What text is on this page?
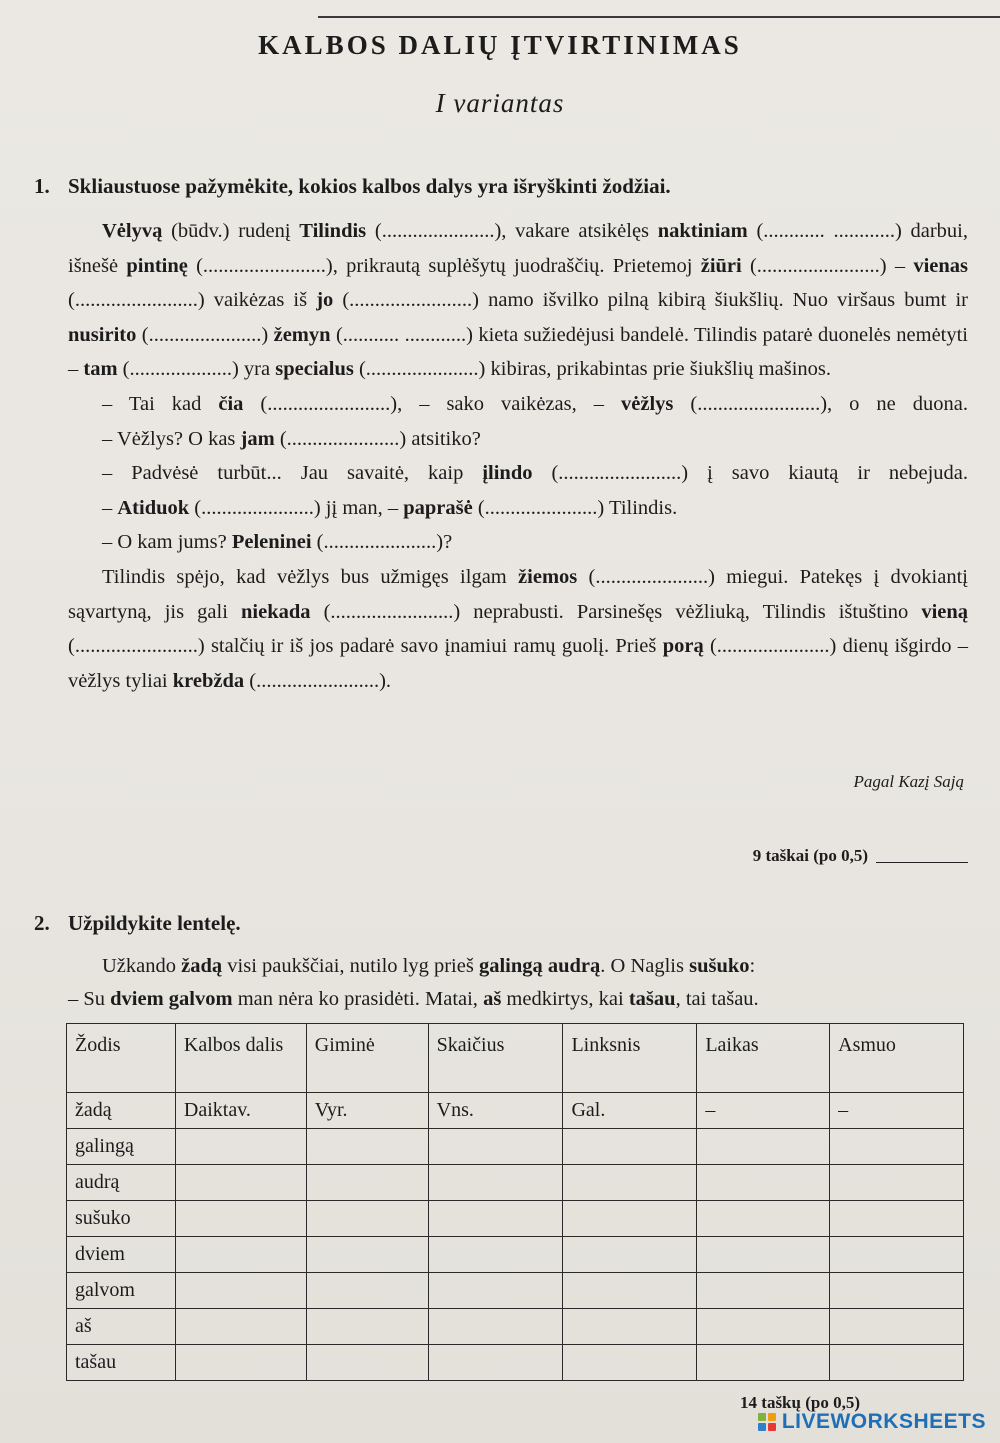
KALBOS DALIŲ ĮTVIRTINIMAS
I variantas
1. Skliaustuose pažymėkite, kokios kalbos dalys yra išryškinti žodžiai.

Vėlyvą (būdv.) rudenį Tilindis (......................), vakare atsikėlęs naktiniam (............ ............) darbui, išnešė pintinę (........................), prikrautą suplėšytų juodraščių. Prietemoj žiūri (........................) – vienas (........................) vaikėzas iš jo (........................) namo išvilko pilną kibirą šiukšlių. Nuo viršaus bumt ir nusirito (......................) žemyn (........... ............) kieta sužiedėjusi bandelė. Tilindis patarė duonelės nemėtyti – tam (....................) yra specialus (......................) kibiras, prikabintas prie šiukšlių mašinos.

– Tai kad čia (........................), – sako vaikėzas, – vėžlys (........................), o ne duona.

– Vėžlys? O kas jam (......................) atsitiko?

– Padvėsė turbūt... Jau savaitė, kaip įlindo (........................) į savo kiautą ir nebejuda.

– Atiduok (......................) jį man, – paprašė (......................) Tilindis.

– O kam jums? Peleninei (......................)?

Tilindis spėjo, kad vėžlys bus užmigęs ilgam žiemos (......................) miegui. Patekęs į dvokiantį sąvartyną, jis gali niekada (........................) neprabusti. Parsinešęs vėžliuką, Tilindis ištuštino vieną (........................) stalčių ir iš jos padarė savo įnamiui ramų guolį. Prieš porą (......................) dienų išgirdo – vėžlys tyliai krebžda (........................).

Pagal Kazį Sają
9 taškai (po 0,5)
2. Užpildykite lentelę.

Užkando žadą visi paukščiai, nutilo lyg prieš galingą audrą. O Naglis sušuko:

– Su dviem galvom man nėra ko prasidėti. Matai, aš medkirtys, kai tašau, tai tašau.

Žodis	Kalbos dalis	Giminė	Skaičius	Linksnis	Laikas	Asmuo
žadą	Daiktav.	Vyr.	Vns.	Gal.	–	–
galingą						
audrą						
sušuko						
dviem						
galvom						
aš						
tašau						
14 taškų (po 0,5)
LIVEWORKSHEETS
